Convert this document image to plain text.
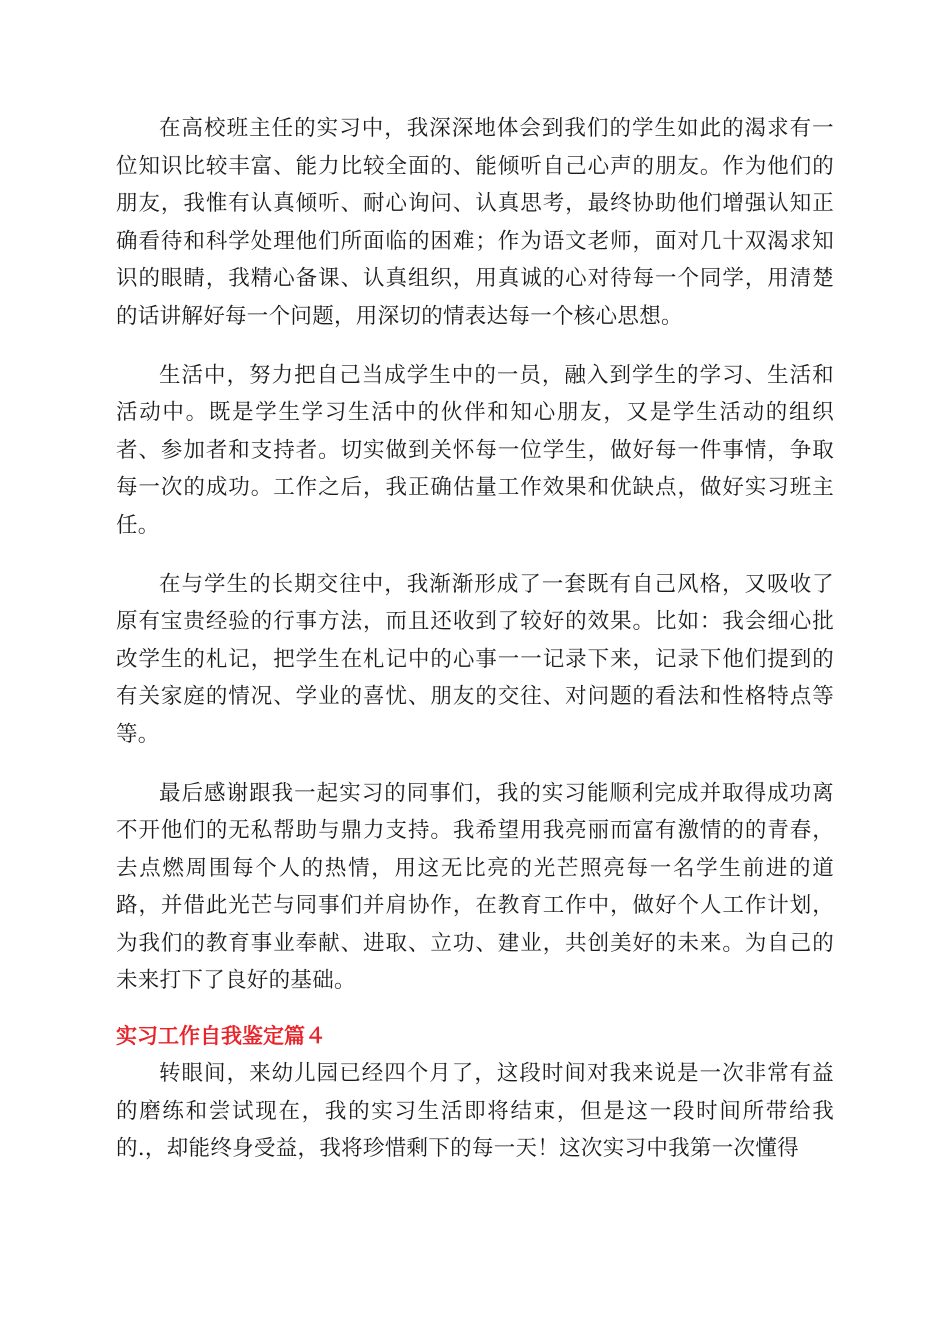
在高校班主任的实习中，我深深地体会到我们的学生如此的渴求有一位知识比较丰富、能力比较全面的、能倾听自己心声的朋友。作为他们的朋友，我惟有认真倾听、耐心询问、认真思考，最终协助他们增强认知正确看待和科学处理他们所面临的困难；作为语文老师，面对几十双渴求知识的眼睛，我精心备课、认真组织，用真诚的心对待每一个同学，用清楚的话讲解好每一个问题，用深切的情表达每一个核心思想。

生活中，努力把自己当成学生中的一员，融入到学生的学习、生活和活动中。既是学生学习生活中的伙伴和知心朋友，又是学生活动的组织者、参加者和支持者。切实做到关怀每一位学生，做好每一件事情，争取每一次的成功。工作之后，我正确估量工作效果和优缺点，做好实习班主任。

在与学生的长期交往中，我渐渐形成了一套既有自己风格，又吸收了原有宝贵经验的行事方法，而且还收到了较好的效果。比如：我会细心批改学生的札记，把学生在札记中的心事一一记录下来，记录下他们提到的有关家庭的情况、学业的喜忧、朋友的交往、对问题的看法和性格特点等等。

最后感谢跟我一起实习的同事们，我的实习能顺利完成并取得成功离不开他们的无私帮助与鼎力支持。我希望用我亮丽而富有激情的的青春，去点燃周围每个人的热情，用这无比亮的光芒照亮每一名学生前进的道路，并借此光芒与同事们并肩协作，在教育工作中，做好个人工作计划，为我们的教育事业奉献、进取、立功、建业，共创美好的未来。为自己的未来打下了良好的基础。

实习工作自我鉴定篇４

转眼间，来幼儿园已经四个月了，这段时间对我来说是一次非常有益的磨练和尝试现在，我的实习生活即将结束，但是这一段时间所带给我的.，却能终身受益，我将珍惜剩下的每一天！这次实习中我第一次懂得
